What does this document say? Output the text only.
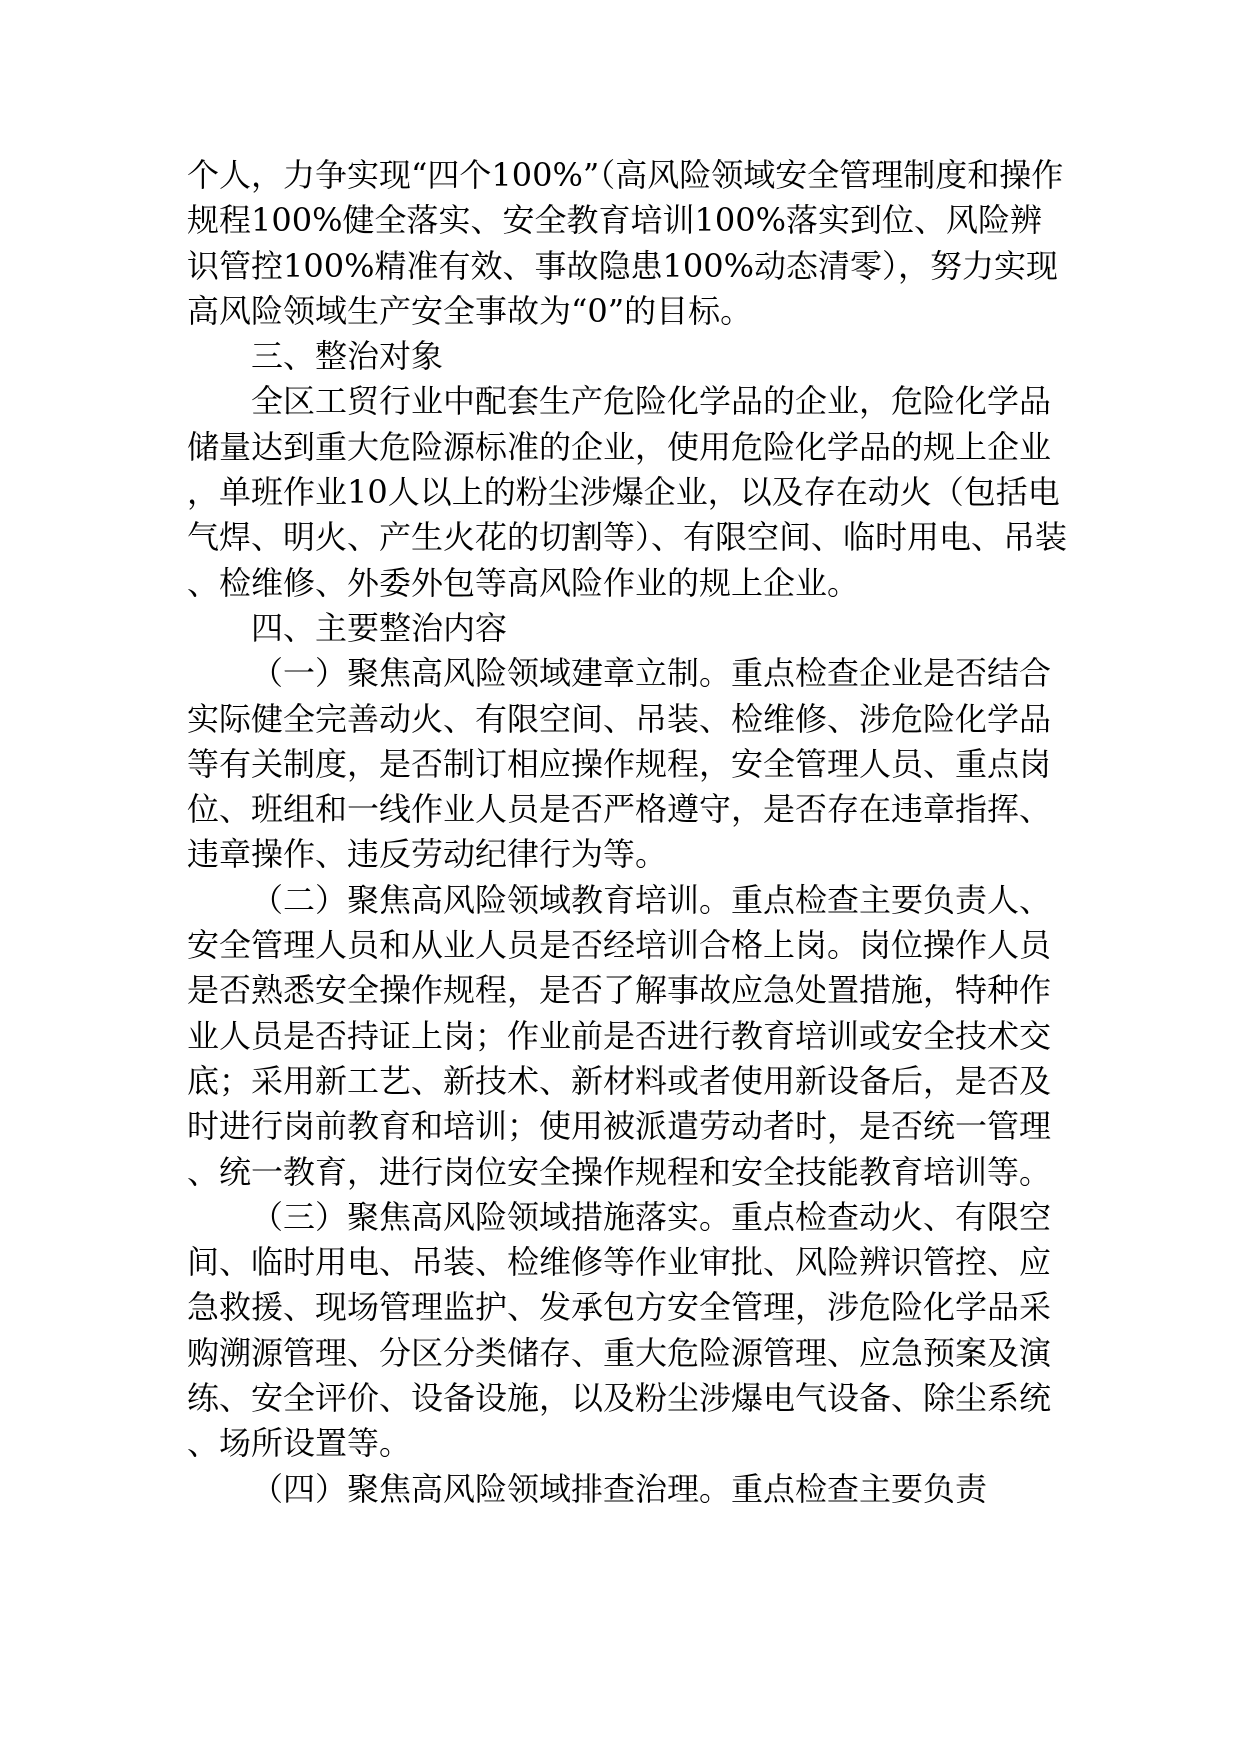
个人，力争实现“四个100%”（高风险领域安全管理制度和操作规程100%健全落实、安全教育培训100%落实到位、风险辨识管控100%精准有效、事故隐患100%动态清零），努力实现高风险领域生产安全事故为“0”的目标。

三、整治对象

全区工贸行业中配套生产危险化学品的企业，危险化学品储量达到重大危险源标准的企业，使用危险化学品的规上企业，单班作业10人以上的粉尘涉爆企业，以及存在动火（包括电气焊、明火、产生火花的切割等）、有限空间、临时用电、吊装、检维修、外委外包等高风险作业的规上企业。

四、主要整治内容

（一）聚焦高风险领域建章立制。重点检查企业是否结合实际健全完善动火、有限空间、吊装、检维修、涉危险化学品等有关制度，是否制订相应操作规程，安全管理人员、重点岗位、班组和一线作业人员是否严格遵守，是否存在违章指挥、违章操作、违反劳动纪律行为等。

（二）聚焦高风险领域教育培训。重点检查主要负责人、安全管理人员和从业人员是否经培训合格上岗。岗位操作人员是否熟悉安全操作规程，是否了解事故应急处置措施，特种作业人员是否持证上岗；作业前是否进行教育培训或安全技术交底；采用新工艺、新技术、新材料或者使用新设备后，是否及时进行岗前教育和培训；使用被派遣劳动者时，是否统一管理、统一教育，进行岗位安全操作规程和安全技能教育培训等。

（三）聚焦高风险领域措施落实。重点检查动火、有限空间、临时用电、吊装、检维修等作业审批、风险辨识管控、应急救援、现场管理监护、发承包方安全管理，涉危险化学品采购溯源管理、分区分类储存、重大危险源管理、应急预案及演练、安全评价、设备设施，以及粉尘涉爆电气设备、除尘系统、场所设置等。

（四）聚焦高风险领域排查治理。重点检查主要负责
